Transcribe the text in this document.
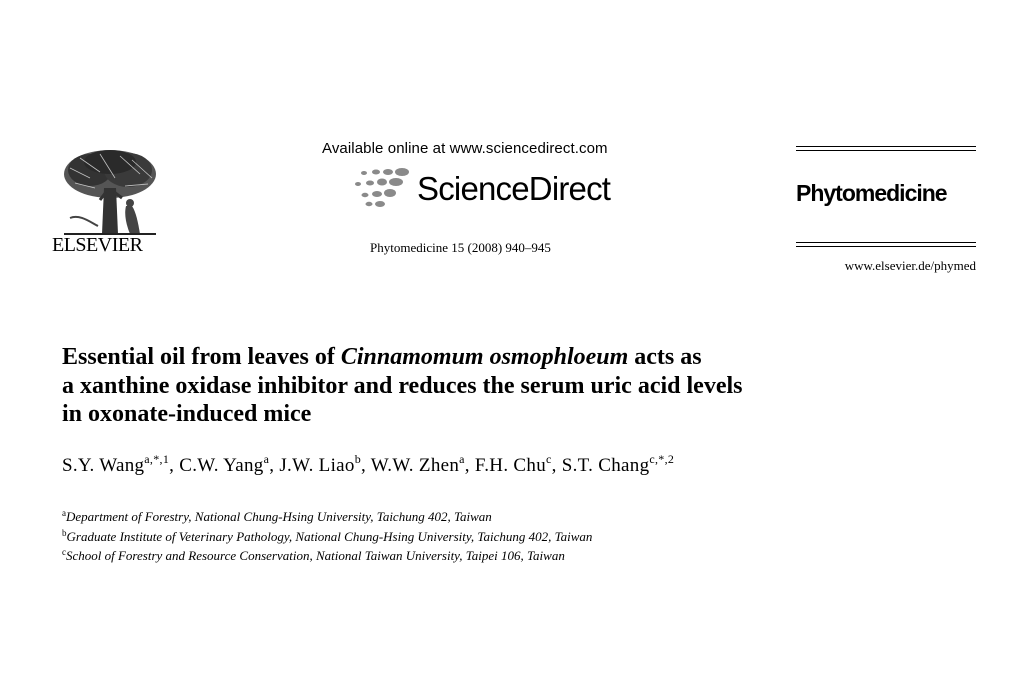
ELSEVIER
Available online at www.sciencedirect.com
ScienceDirect
Phytomedicine 15 (2008) 940–945
Phytomedicine
www.elsevier.de/phymed
Essential oil from leaves of Cinnamomum osmophloeum acts as
a xanthine oxidase inhibitor and reduces the serum uric acid levels
in oxonate-induced mice
S.Y. Wang$^{a,*,1}$, C.W. Yang$^a$, J.W. Liao$^b$, W.W. Zhen$^a$, F.H. Chu$^c$, S.T. Chang$^{c,*,2}$
$^a$Department of Forestry, National Chung-Hsing University, Taichung 402, Taiwan
$^b$Graduate Institute of Veterinary Pathology, National Chung-Hsing University, Taichung 402, Taiwan
$^c$School of Forestry and Resource Conservation, National Taiwan University, Taipei 106, Taiwan
